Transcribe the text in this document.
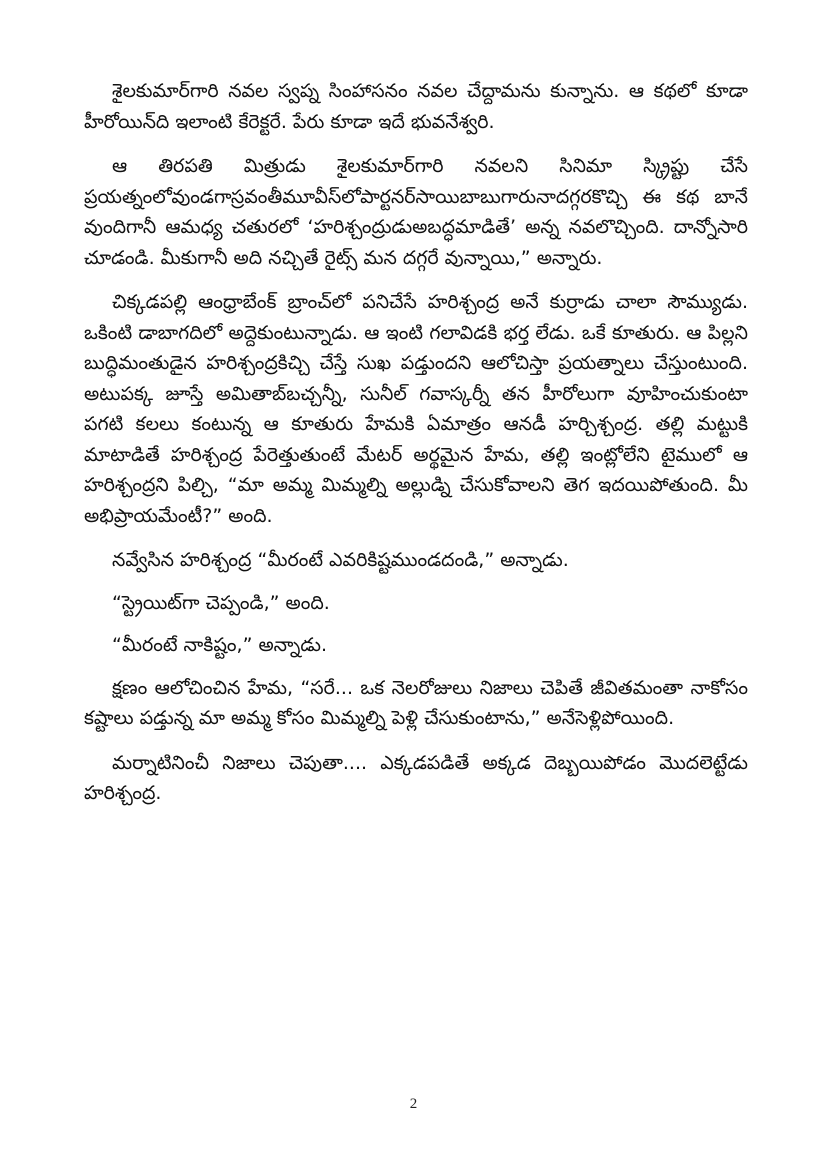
శైలకుమార్‌గారి నవల స్వప్న సింహాసనం నవల చేద్దామను కున్నాను. ఆ కథలో కూడా హీరోయిన్‌ది ఇలాంటి కేరెక్టరే. పేరు కూడా ఇదే భువనేశ్వరి.

ఆ తిరపతి మిత్రుడు శైలకుమార్‌గారి నవలని సినిమా స్క్రిప్టు చేసే ప్రయత్నంలోవుండగాస్రవంతీమూవీస్‌లోపార్టనర్‌సాయిబాబుగారునాదగ్గరకొచ్చి ఈ కథ బానే వుందిగానీ ఆమధ్య చతురలో ‘హరిశ్చంద్రుడుఅబద్ధమాడితే’ అన్న నవలొచ్చింది. దాన్నోసారి చూడండి. మీకుగానీ అది నచ్చితే రైట్స్ మన దగ్గరే వున్నాయి,” అన్నారు.

చిక్కడపల్లి ఆంధ్రాబేంక్ బ్రాంచ్‌లో పనిచేసే హరిశ్చంద్ర అనే కుర్రాడు చాలా సౌమ్యుడు. ఒకింటి డాబాగదిలో అద్దెకుంటున్నాడు. ఆ ఇంటి గలావిడకి భర్త లేడు. ఒకే కూతురు. ఆ పిల్లని బుద్ధిమంతుడైన హరిశ్చంద్రకిచ్చి చేస్తే సుఖ పడ్తుందని ఆలోచిస్తా ప్రయత్నాలు చేస్తుంటుంది. అటుపక్క జూస్తే అమితాబ్‌బచ్చన్నీ, సునీల్ గవాస్కర్నీ తన హీరోలుగా వూహించుకుంటా పగటి కలలు కంటున్న ఆ కూతురు హేమకి ఏమాత్రం ఆనడీ హర్చిశ్చంద్ర. తల్లి మట్టుకి మాటాడితే హరిశ్చంద్ర పేరెత్తుతుంటే మేటర్ అర్థమైన హేమ, తల్లి ఇంట్లోలేని టైములో ఆ హరిశ్చంద్రని పిల్చి, “మా అమ్మ మిమ్మల్ని అల్లుడ్ని చేసుకోవాలని తెగ ఇదయిపోతుంది. మీ అభిప్రాయమేంటీ?” అంది.

నవ్వేసిన హరిశ్చంద్ర “మీరంటే ఎవరికిష్టముండదండి,” అన్నాడు.

“స్ట్రెయిట్‌గా చెప్పండి,” అంది.

“మీరంటే నాకిష్టం,” అన్నాడు.

క్షణం ఆలోచించిన హేమ, “సరే... ఒక నెలరోజులు నిజాలు చెపితే జీవితమంతా నాకోసం కష్టాలు పడ్తున్న మా అమ్మ కోసం మిమ్మల్ని పెళ్లి చేసుకుంటాను,” అనేసెళ్లిపోయింది.

మర్నాటినించీ నిజాలు చెపుతా.... ఎక్కడపడితే అక్కడ దెబ్బయిపోడం మొదలెట్టేడు హరిశ్చంద్ర.

2
